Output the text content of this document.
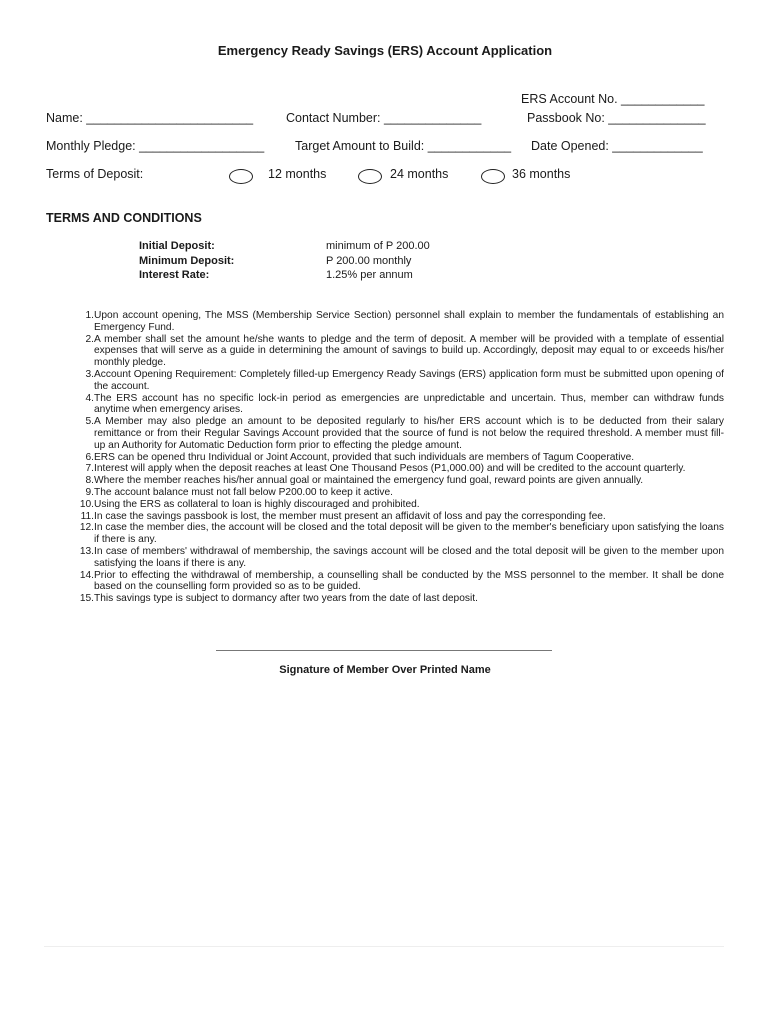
Emergency Ready Savings (ERS) Account Application
ERS Account No. ____________
Name: ________________________	Contact Number: ______________	Passbook No: ______________
Monthly Pledge: __________________ Target Amount to Build: ____________ Date Opened: _____________
Terms of Deposit:	12 months	24 months	36 months
TERMS AND CONDITIONS
Initial Deposit:	minimum of P 200.00
Minimum Deposit:	P 200.00 monthly
Interest Rate:	1.25% per annum
1. Upon account opening, The MSS (Membership Service Section) personnel shall explain to member the fundamentals of establishing an Emergency Fund.
2. A member shall set the amount he/she wants to pledge and the term of deposit. A member will be provided with a template of essential expenses that will serve as a guide in determining the amount of savings to build up. Accordingly, deposit may equal to or exceeds his/her monthly pledge.
3. Account Opening Requirement: Completely filled-up Emergency Ready Savings (ERS) application form must be submitted upon opening of the account.
4. The ERS account has no specific lock-in period as emergencies are unpredictable and uncertain. Thus, member can withdraw funds anytime when emergency arises.
5. A Member may also pledge an amount to be deposited regularly to his/her ERS account which is to be deducted from their salary remittance or from their Regular Savings Account provided that the source of fund is not below the required threshold. A member must fill-up an Authority for Automatic Deduction form prior to effecting the pledge amount.
6. ERS can be opened thru Individual or Joint Account, provided that such individuals are members of Tagum Cooperative.
7. Interest will apply when the deposit reaches at least One Thousand Pesos (P1,000.00) and will be credited to the account quarterly.
8. Where the member reaches his/her annual goal or maintained the emergency fund goal, reward points are given annually.
9. The account balance must not fall below P200.00 to keep it active.
10. Using the ERS as collateral to loan is highly discouraged and prohibited.
11. In case the savings passbook is lost, the member must present an affidavit of loss and pay the corresponding fee.
12. In case the member dies, the account will be closed and the total deposit will be given to the member's beneficiary upon satisfying the loans if there is any.
13. In case of members' withdrawal of membership, the savings account will be closed and the total deposit will be given to the member upon satisfying the loans if there is any.
14. Prior to effecting the withdrawal of membership, a counselling shall be conducted by the MSS personnel to the member. It shall be done based on the counselling form provided so as to be guided.
15. This savings type is subject to dormancy after two years from the date of last deposit.
Signature of Member Over Printed Name
